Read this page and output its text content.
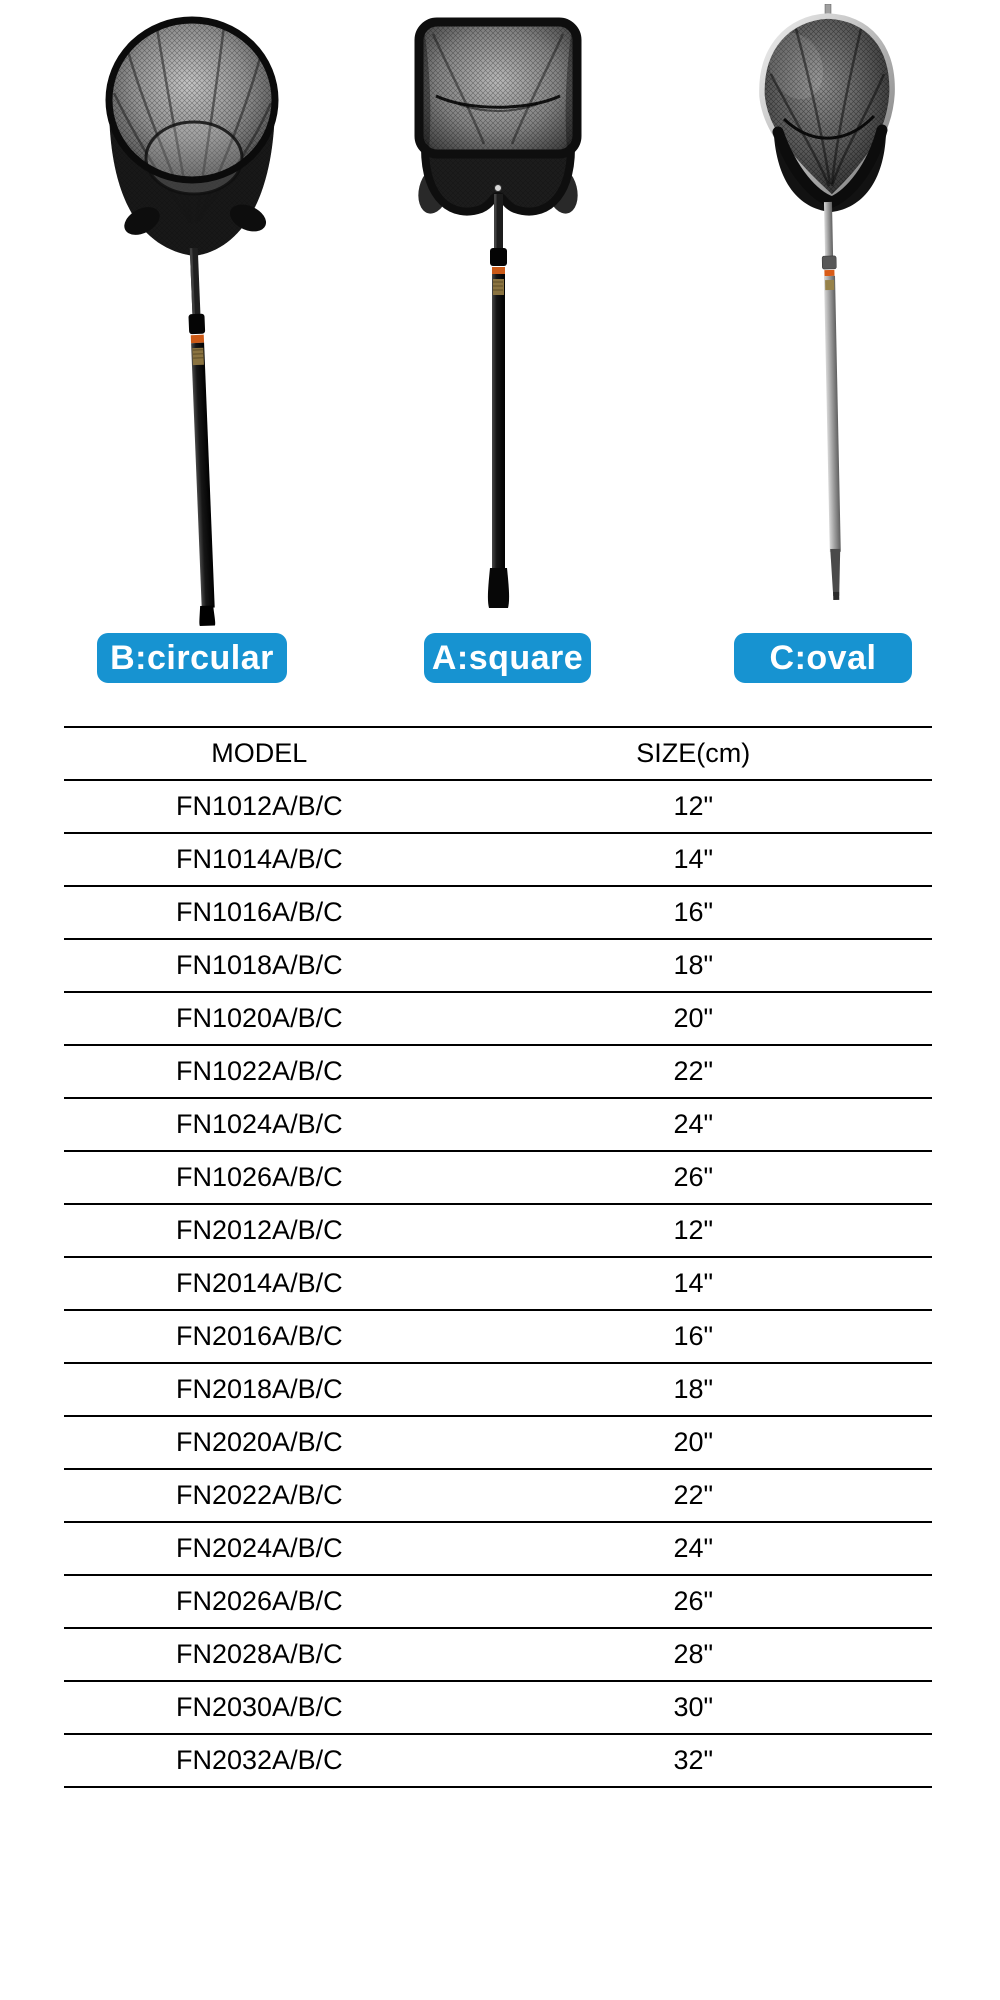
B:circular	A:square	C:oval
MODEL	SIZE(cm)
FN1012A/B/C	12"
FN1014A/B/C	14"
FN1016A/B/C	16"
FN1018A/B/C	18"
FN1020A/B/C	20"
FN1022A/B/C	22"
FN1024A/B/C	24"
FN1026A/B/C	26"
FN2012A/B/C	12"
FN2014A/B/C	14"
FN2016A/B/C	16"
FN2018A/B/C	18"
FN2020A/B/C	20"
FN2022A/B/C	22"
FN2024A/B/C	24"
FN2026A/B/C	26"
FN2028A/B/C	28"
FN2030A/B/C	30"
FN2032A/B/C	32"
